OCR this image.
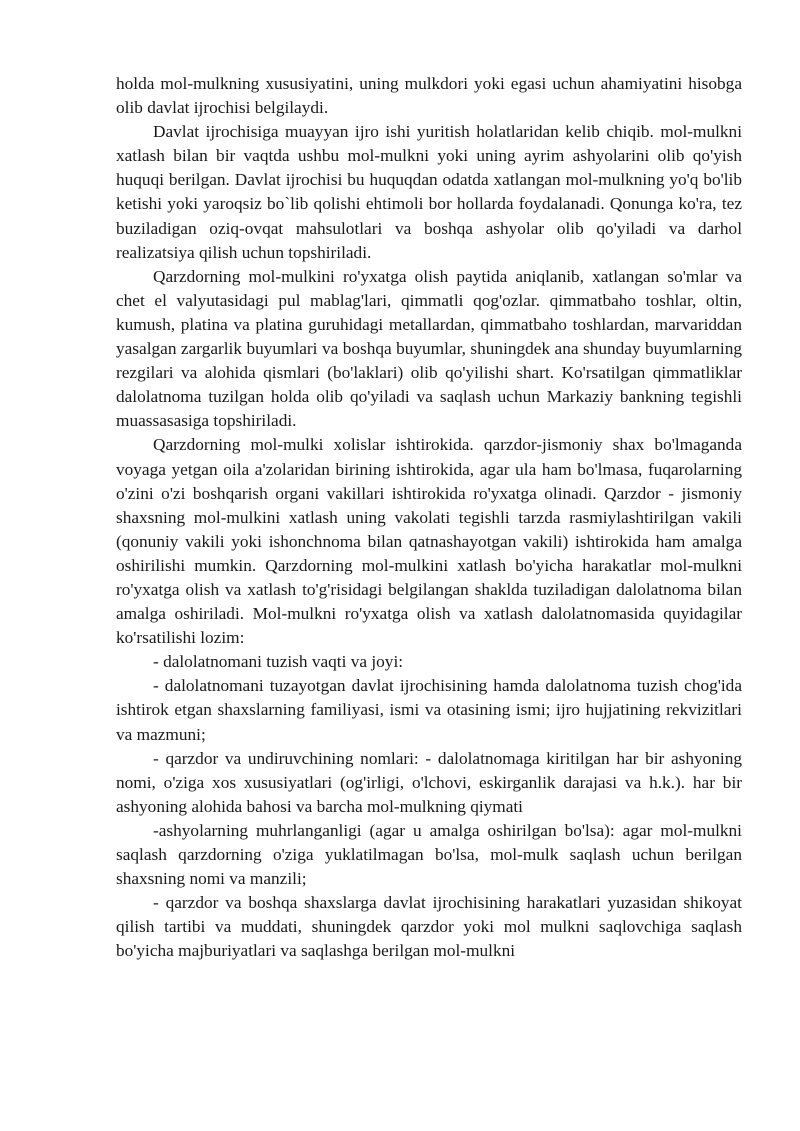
holda mol-mulkning xususiyatini, uning mulkdori yoki egasi uchun ahamiyatini hisobga olib davlat ijrochisi belgilaydi.

Davlat ijrochisiga muayyan ijro ishi yuritish holatlaridan kelib chiqib. mol-mulkni xatlash bilan bir vaqtda ushbu mol-mulkni yoki uning ayrim ashyolarini olib qo'yish huquqi berilgan. Davlat ijrochisi bu huquqdan odatda xatlangan mol-mulkning yo'q bo'lib ketishi yoki yaroqsiz bo`lib qolishi ehtimoli bor hollarda foydalanadi. Qonunga ko'ra, tez buziladigan oziq-ovqat mahsulotlari va boshqa ashyolar olib qo'yiladi va darhol realizatsiya qilish uchun topshiriladi.

Qarzdorning mol-mulkini ro'yxatga olish paytida aniqlanib, xatlangan so'mlar va chet el valyutasidagi pul mablag'lari, qimmatli qog'ozlar. qimmatbaho toshlar, oltin, kumush, platina va platina guruhidagi metallardan, qimmatbaho toshlardan, marvariddan yasalgan zargarlik buyumlari va boshqa buyumlar, shuningdek ana shunday buyumlarning rezgilari va alohida qismlari (bo'laklari) olib qo'yilishi shart. Ko'rsatilgan qimmatliklar dalolatnoma tuzilgan holda olib qo'yiladi va saqlash uchun Markaziy bankning tegishli muassasasiga topshiriladi.

Qarzdorning mol-mulki xolislar ishtirokida. qarzdor-jismoniy shax bo'lmaganda voyaga yetgan oila a'zolaridan birining ishtirokida, agar ula ham bo'lmasa, fuqarolarning o'zini o'zi boshqarish organi vakillari ishtirokida ro'yxatga olinadi. Qarzdor - jismoniy shaxsning mol-mulkini xatlash uning vakolati tegishli tarzda rasmiylashtirilgan vakili (qonuniy vakili yoki ishonchnoma bilan qatnashayotgan vakili) ishtirokida ham amalga oshirilishi mumkin. Qarzdorning mol-mulkini xatlash bo'yicha harakatlar mol-mulkni ro'yxatga olish va xatlash to'g'risidagi belgilangan shaklda tuziladigan dalolatnoma bilan amalga oshiriladi. Mol-mulkni ro'yxatga olish va xatlash dalolatnomasida quyidagilar ko'rsatilishi lozim:

- dalolatnomani tuzish vaqti va joyi:

- dalolatnomani tuzayotgan davlat ijrochisining hamda dalolatnoma tuzish chog'ida ishtirok etgan shaxslarning familiyasi, ismi va otasining ismi; ijro hujjatining rekvizitlari va mazmuni;

- qarzdor va undiruvchining nomlari: - dalolatnomaga kiritilgan har bir ashyoning nomi, o'ziga xos xususiyatlari (og'irligi, o'lchovi, eskirganlik darajasi va h.k.). har bir ashyoning alohida bahosi va barcha mol-mulkning qiymati

-ashyolarning muhrlanganligi (agar u amalga oshirilgan bo'lsa): agar mol-mulkni saqlash qarzdorning o'ziga yuklatilmagan bo'lsa, mol-mulk saqlash uchun berilgan shaxsning nomi va manzili;

- qarzdor va boshqa shaxslarga davlat ijrochisining harakatlari yuzasidan shikoyat qilish tartibi va muddati, shuningdek qarzdor yoki mol mulkni saqlovchiga saqlash bo'yicha majburiyatlari va saqlashga berilgan mol-mulkni
